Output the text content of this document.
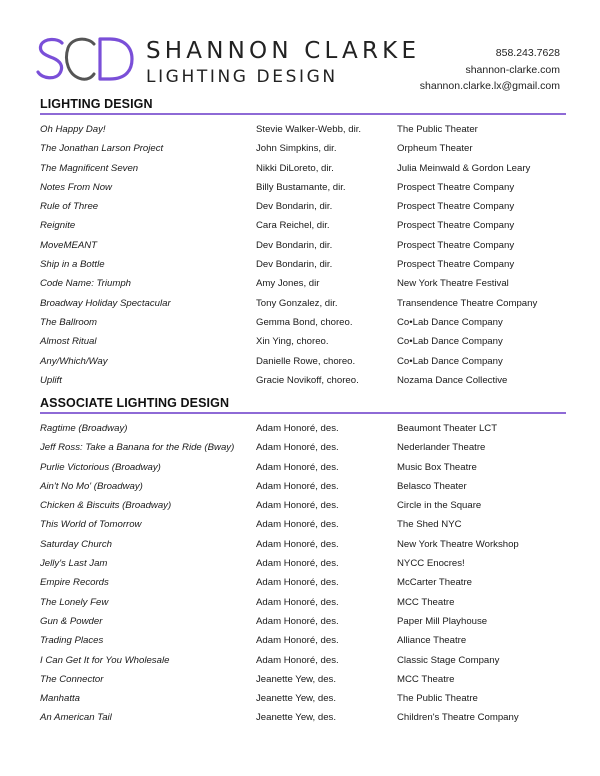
SHANNON CLARKE
LIGHTING DESIGN
858.243.7628
shannon-clarke.com
shannon.clarke.lx@gmail.com
LIGHTING DESIGN
Oh Happy Day!	Stevie Walker-Webb, dir.	The Public Theater
The Jonathan Larson Project	John Simpkins, dir.	Orpheum Theater
The Magnificent Seven	Nikki DiLoreto, dir.	Julia Meinwald & Gordon Leary
Notes From Now	Billy Bustamante, dir.	Prospect Theatre Company
Rule of Three	Dev Bondarin, dir.	Prospect Theatre Company
Reignite	Cara Reichel, dir.	Prospect Theatre Company
MoveMEANT	Dev Bondarin, dir.	Prospect Theatre Company
Ship in a Bottle	Dev Bondarin, dir.	Prospect Theatre Company
Code Name: Triumph	Amy Jones, dir	New York Theatre Festival
Broadway Holiday Spectacular	Tony Gonzalez, dir.	Transendence Theatre Company
The Ballroom	Gemma Bond, choreo.	Co•Lab Dance Company
Almost Ritual	Xin Ying, choreo.	Co•Lab Dance Company
Any/Which/Way	Danielle Rowe, choreo.	Co•Lab Dance Company
Uplift	Gracie Novikoff, choreo.	Nozama Dance Collective
ASSOCIATE LIGHTING DESIGN
Ragtime (Broadway)	Adam Honoré, des.	Beaumont Theater LCT
Jeff Ross: Take a Banana for the Ride (Bway) Adam Honoré, des.	Nederlander Theatre
Purlie Victorious (Broadway)	Adam Honoré, des.	Music Box Theatre
Ain't No Mo' (Broadway)	Adam Honoré, des.	Belasco Theater
Chicken & Biscuits (Broadway)	Adam Honoré, des.	Circle in the Square
This World of Tomorrow	Adam Honoré, des.	The Shed NYC
Saturday Church	Adam Honoré, des.	New York Theatre Workshop
Jelly's Last Jam	Adam Honoré, des.	NYCC Enocres!
Empire Records	Adam Honoré, des.	McCarter Theatre
The Lonely Few	Adam Honoré, des.	MCC Theatre
Gun & Powder	Adam Honoré, des.	Paper Mill Playhouse
Trading Places	Adam Honoré, des.	Alliance Theatre
I Can Get It for You Wholesale	Adam Honoré, des.	Classic Stage Company
The Connector	Jeanette Yew, des.	MCC Theatre
Manhatta	Jeanette Yew, des.	The Public Theatre
An American Tail	Jeanette Yew, des.	Children's Theatre Company
